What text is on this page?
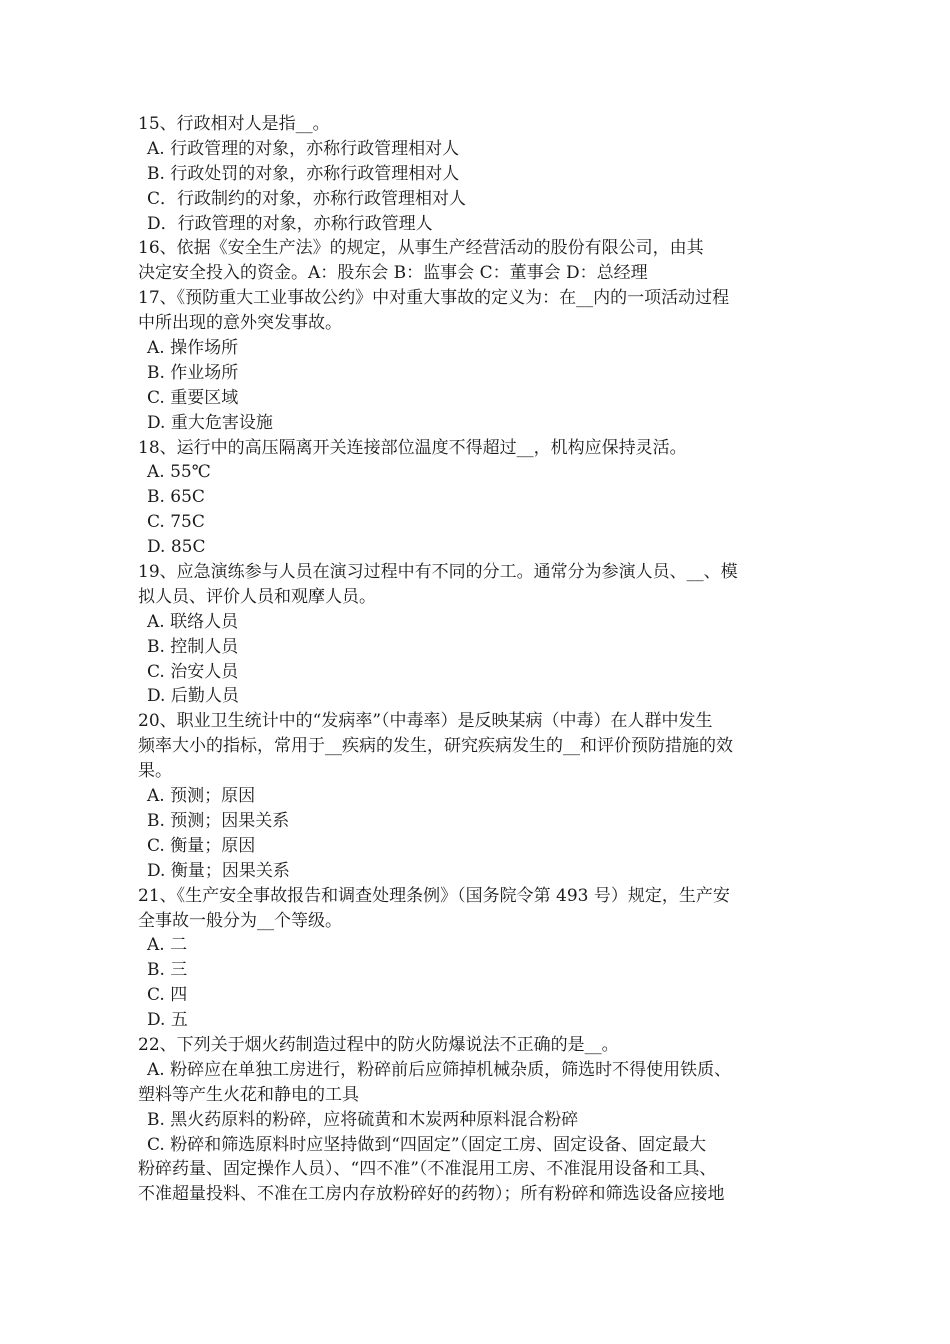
15、行政相对人是指__。
A. 行政管理的对象，亦称行政管理相对人
B. 行政处罚的对象，亦称行政管理相对人
C．行政制约的对象，亦称行政管理相对人
D．行政管理的对象，亦称行政管理人
16、依据《安全生产法》的规定，从事生产经营活动的股份有限公司，由其
决定安全投入的资金。A：股东会 B：监事会 C：董事会 D：总经理
17、《预防重大工业事故公约》中对重大事故的定义为：在__内的一项活动过程
中所出现的意外突发事故。
A. 操作场所
B. 作业场所
C. 重要区域
D. 重大危害设施
18、运行中的高压隔离开关连接部位温度不得超过__，机构应保持灵活。
A. 55℃
B. 65C
C. 75C
D. 85C
19、应急演练参与人员在演习过程中有不同的分工。通常分为参演人员、__、模
拟人员、评价人员和观摩人员。
A. 联络人员
B. 控制人员
C. 治安人员
D. 后勤人员
20、职业卫生统计中的“发病率”（中毒率）是反映某病（中毒）在人群中发生
频率大小的指标，常用于__疾病的发生，研究疾病发生的__和评价预防措施的效
果。
A. 预测；原因
B. 预测；因果关系
C. 衡量；原因
D. 衡量；因果关系
21、《生产安全事故报告和调查处理条例》（国务院令第 493 号）规定，生产安
全事故一般分为__个等级。
A. 二
B. 三
C. 四
D. 五
22、下列关于烟火药制造过程中的防火防爆说法不正确的是__。
A. 粉碎应在单独工房进行，粉碎前后应筛掉机械杂质，筛选时不得使用铁质、
塑料等产生火花和静电的工具
B. 黑火药原料的粉碎，应将硫黄和木炭两种原料混合粉碎
C. 粉碎和筛选原料时应坚持做到“四固定”（固定工房、固定设备、固定最大
粉碎药量、固定操作人员）、“四不准”（不准混用工房、不准混用设备和工具、
不准超量投料、不准在工房内存放粉碎好的药物）；所有粉碎和筛选设备应接地
